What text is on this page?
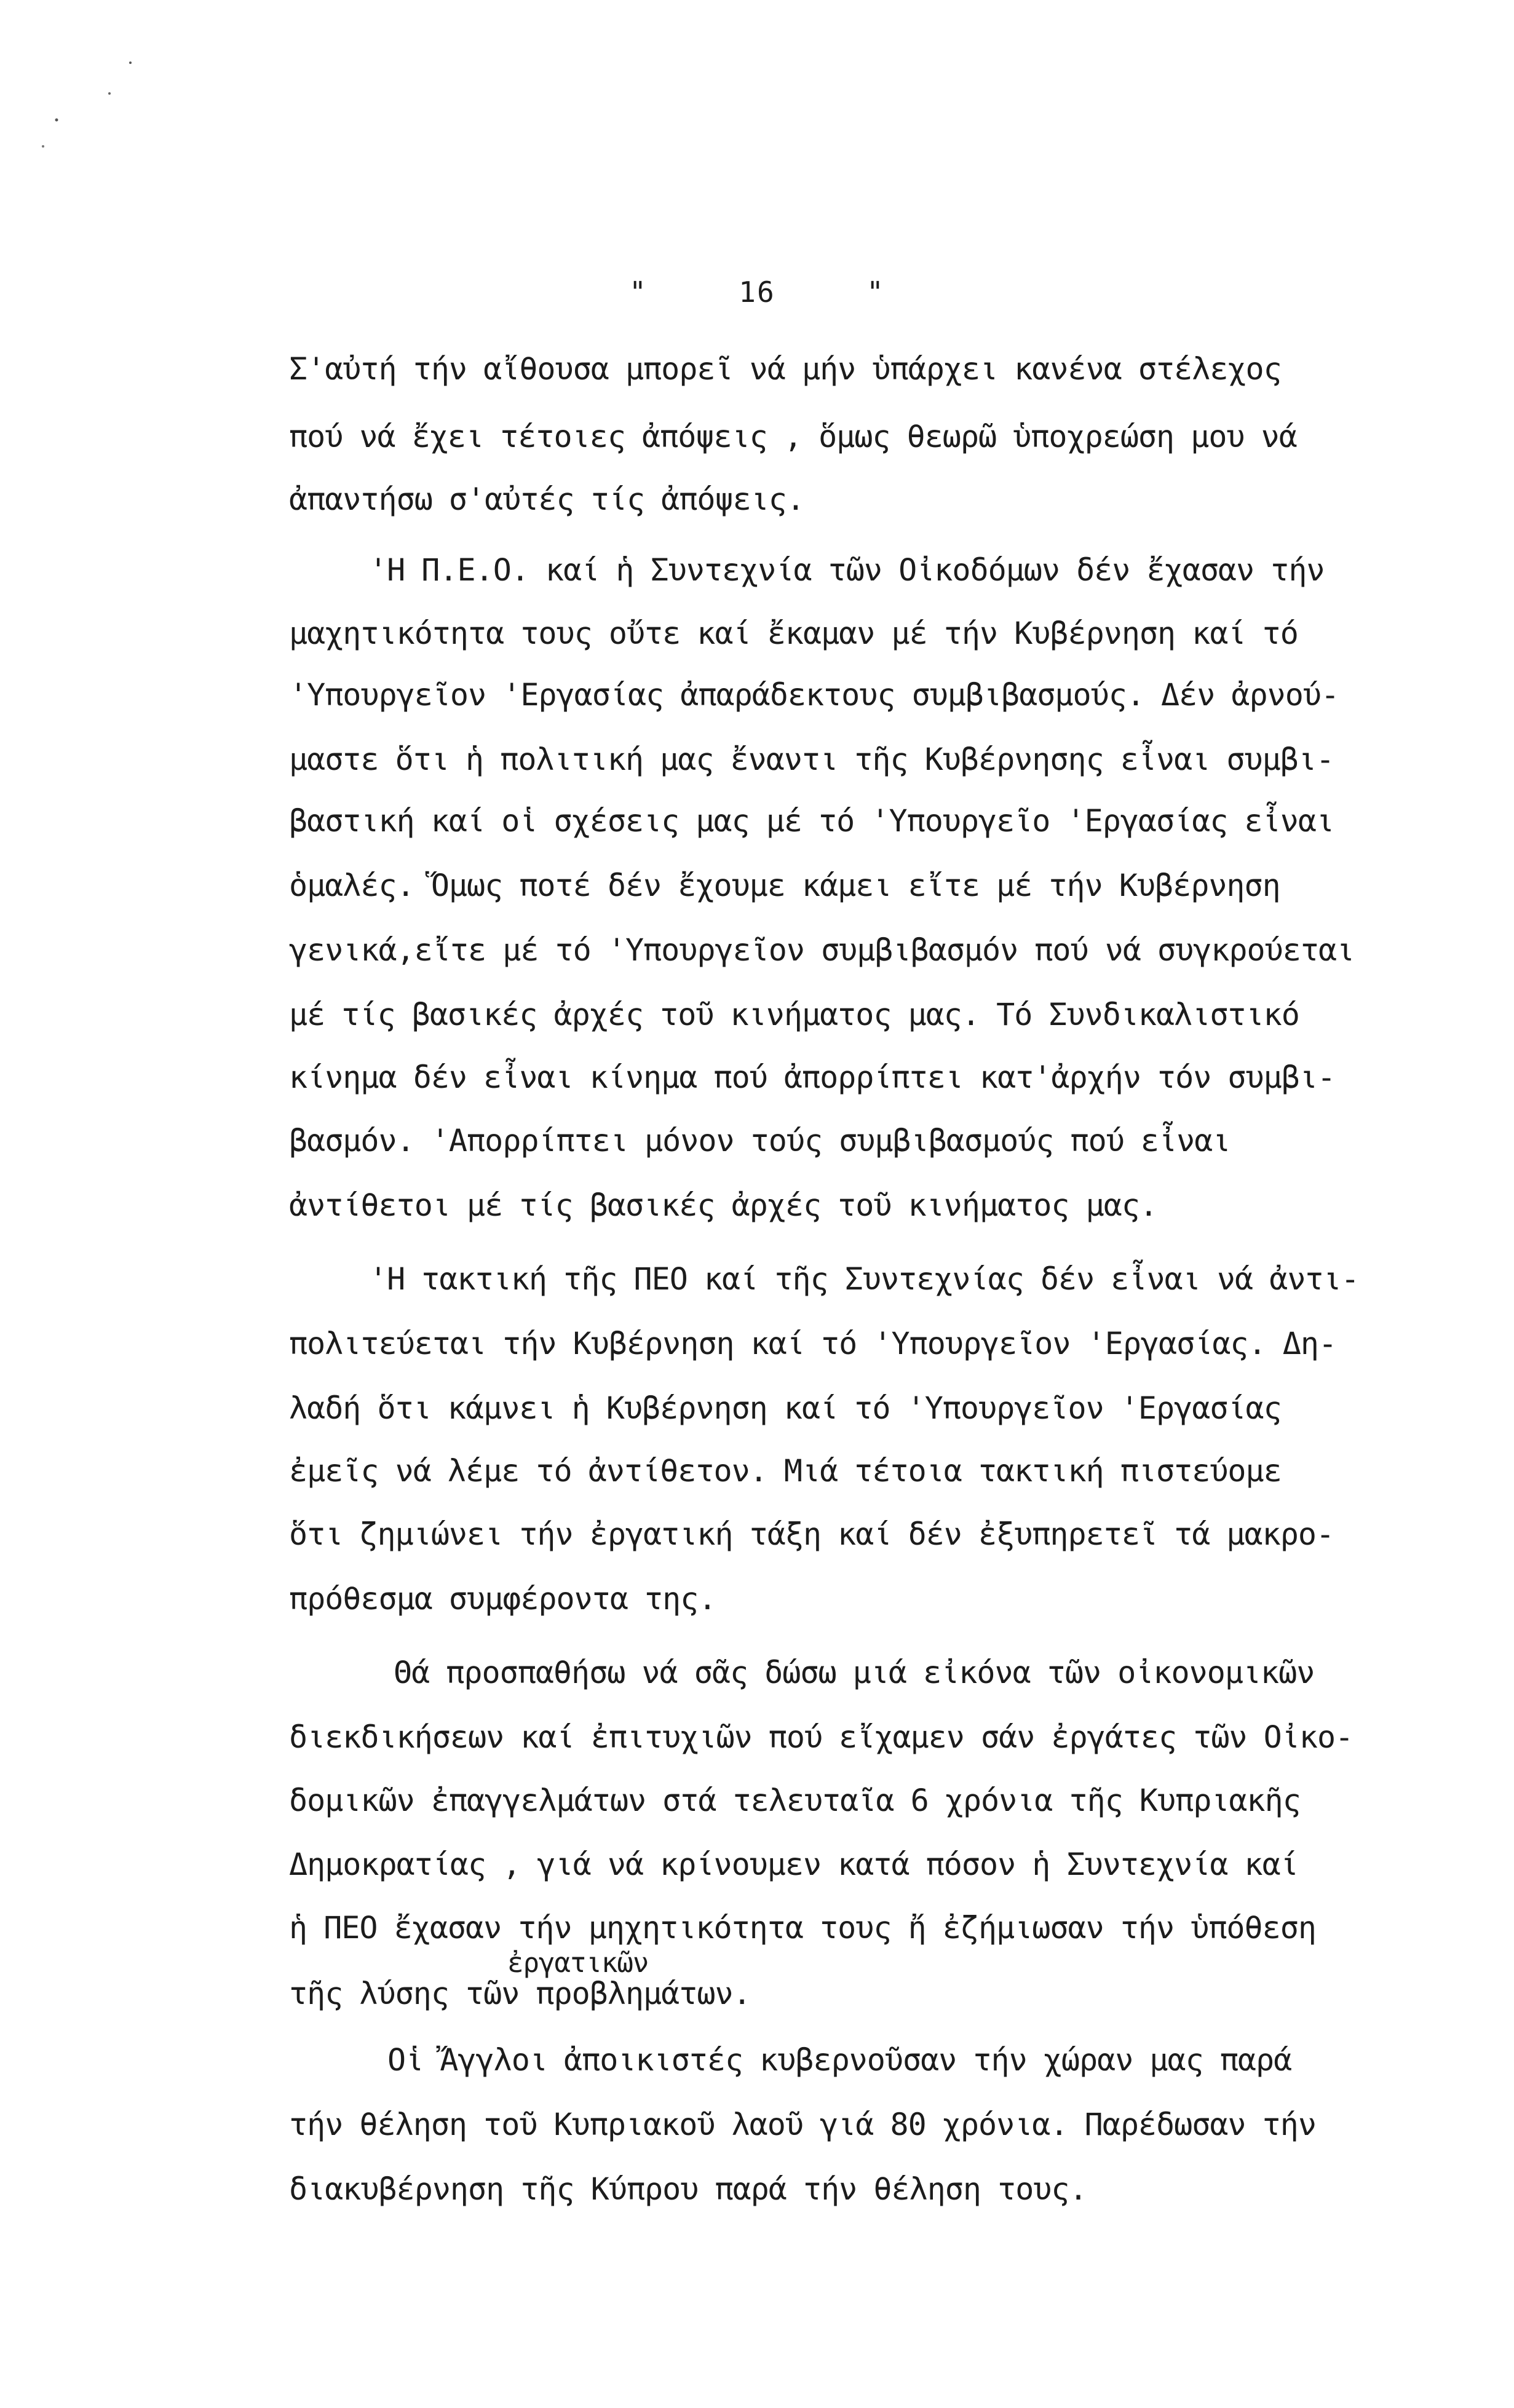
"     16     "
Σ'αὐτή τήν αἴθουσα μπορεῖ νά μήν ὑπάρχει κανένα στέλεχος
πού νά ἔχει τέτοιες ἀπόψεις , ὅμως θεωρῶ ὑποχρεώση μου νά
ἀπαντήσω σ'αὐτές τίς ἀπόψεις.
'Η Π.Ε.Ο. καί ἡ Συντεχνία τῶν Οἰκοδόμων δέν ἔχασαν τήν
μαχητικότητα τους οὔτε καί ἔκαμαν μέ τήν Κυβέρνηση καί τό
'Υπουργεῖον 'Εργασίας ἀπαράδεκτους συμβιβασμούς. Δέν ἀρνού-
μαστε ὅτι ἡ πολιτική μας ἔναντι τῆς Κυβέρνησης εἶναι συμβι-
βαστική καί οἱ σχέσεις μας μέ τό 'Υπουργεῖο 'Εργασίας εἶναι
ὁμαλές. Ὅμως ποτέ δέν ἔχουμε κάμει εἴτε μέ τήν Κυβέρνηση
γενικά,εἴτε μέ τό 'Υπουργεῖον συμβιβασμόν πού νά συγκρούεται
μέ τίς βασικές ἀρχές τοῦ κινήματος μας. Τό Συνδικαλιστικό
κίνημα δέν εἶναι κίνημα πού ἀπορρίπτει κατ'ἀρχήν τόν συμβι-
βασμόν. 'Απορρίπτει μόνον τούς συμβιβασμούς πού εἶναι
ἀντίθετοι μέ τίς βασικές ἀρχές τοῦ κινήματος μας.
'Η τακτική τῆς ΠΕΟ καί τῆς Συντεχνίας δέν εἶναι νά ἀντι-
πολιτεύεται τήν Κυβέρνηση καί τό 'Υπουργεῖον 'Εργασίας. Δη-
λαδή ὅτι κάμνει ἡ Κυβέρνηση καί τό 'Υπουργεῖον 'Εργασίας
ἐμεῖς νά λέμε τό ἀντίθετον. Μιά τέτοια τακτική πιστεύομε
ὅτι ζημιώνει τήν ἐργατική τάξη καί δέν ἐξυπηρετεῖ τά μακρο-
πρόθεσμα συμφέροντα της.
Θά προσπαθήσω νά σᾶς δώσω μιά εἰκόνα τῶν οἰκονομικῶν
διεκδικήσεων καί ἐπιτυχιῶν πού εἴχαμεν σάν ἐργάτες τῶν Οἰκο-
δομικῶν ἐπαγγελμάτων στά τελευταῖα 6 χρόνια τῆς Κυπριακῆς
Δημοκρατίας , γιά νά κρίνουμεν κατά πόσον ἡ Συντεχνία καί
ἡ ΠΕΟ ἔχασαν τήν μηχητικότητα τους ἤ ἐζήμιωσαν τήν ὑπόθεση
ἐργατικῶν
τῆς λύσης τῶν προβλημάτων.
Οἱ Ἄγγλοι ἀποικιστές κυβερνοῦσαν τήν χώραν μας παρά
τήν θέληση τοῦ Κυπριακοῦ λαοῦ γιά 80 χρόνια. Παρέδωσαν τήν
διακυβέρνηση τῆς Κύπρου παρά τήν θέληση τους.
